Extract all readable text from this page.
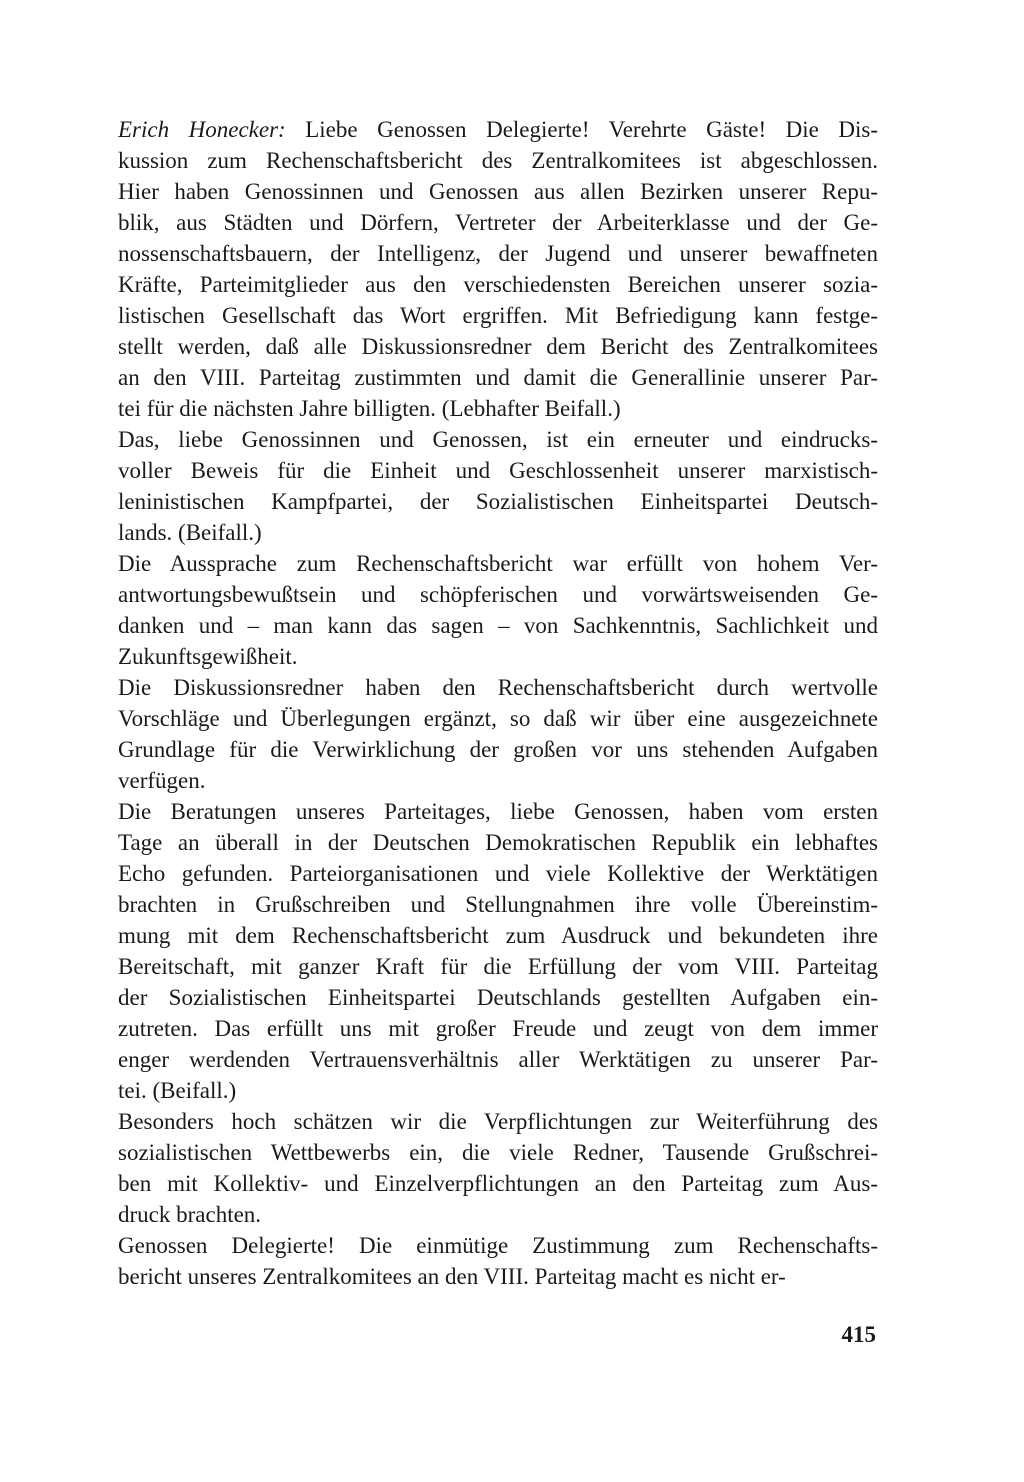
Erich Honecker: Liebe Genossen Delegierte! Verehrte Gäste! Die Dis-
kussion zum Rechenschaftsbericht des Zentralkomitees ist abgeschlossen.
Hier haben Genossinnen und Genossen aus allen Bezirken unserer Repu-
blik, aus Städten und Dörfern, Vertreter der Arbeiterklasse und der Ge-
nossenschaftsbauern, der Intelligenz, der Jugend und unserer bewaffneten
Kräfte, Parteimitglieder aus den verschiedensten Bereichen unserer sozia-
listischen Gesellschaft das Wort ergriffen. Mit Befriedigung kann festge-
stellt werden, daß alle Diskussionsredner dem Bericht des Zentralkomitees
an den VIII. Parteitag zustimmten und damit die Generallinie unserer Par-
tei für die nächsten Jahre billigten. (Lebhafter Beifall.)
Das, liebe Genossinnen und Genossen, ist ein erneuter und eindrucks-
voller Beweis für die Einheit und Geschlossenheit unserer marxistisch-
leninistischen Kampfpartei, der Sozialistischen Einheitspartei Deutsch-
lands. (Beifall.)
Die Aussprache zum Rechenschaftsbericht war erfüllt von hohem Ver-
antwortungsbewußtsein und schöpferischen und vorwärtsweisenden Ge-
danken und – man kann das sagen – von Sachkenntnis, Sachlichkeit und
Zukunftsgewißheit.
Die Diskussionsredner haben den Rechenschaftsbericht durch wertvolle
Vorschläge und Überlegungen ergänzt, so daß wir über eine ausgezeichnete
Grundlage für die Verwirklichung der großen vor uns stehenden Aufgaben
verfügen.
Die Beratungen unseres Parteitages, liebe Genossen, haben vom ersten
Tage an überall in der Deutschen Demokratischen Republik ein lebhaftes
Echo gefunden. Parteiorganisationen und viele Kollektive der Werktätigen
brachten in Grußschreiben und Stellungnahmen ihre volle Übereinstim-
mung mit dem Rechenschaftsbericht zum Ausdruck und bekundeten ihre
Bereitschaft, mit ganzer Kraft für die Erfüllung der vom VIII. Parteitag
der Sozialistischen Einheitspartei Deutschlands gestellten Aufgaben ein-
zutreten. Das erfüllt uns mit großer Freude und zeugt von dem immer
enger werdenden Vertrauensverhältnis aller Werktätigen zu unserer Par-
tei. (Beifall.)
Besonders hoch schätzen wir die Verpflichtungen zur Weiterführung des
sozialistischen Wettbewerbs ein, die viele Redner, Tausende Grußschrei-
ben mit Kollektiv- und Einzelverpflichtungen an den Parteitag zum Aus-
druck brachten.
Genossen Delegierte! Die einmütige Zustimmung zum Rechenschafts-
bericht unseres Zentralkomitees an den VIII. Parteitag macht es nicht er-
415
